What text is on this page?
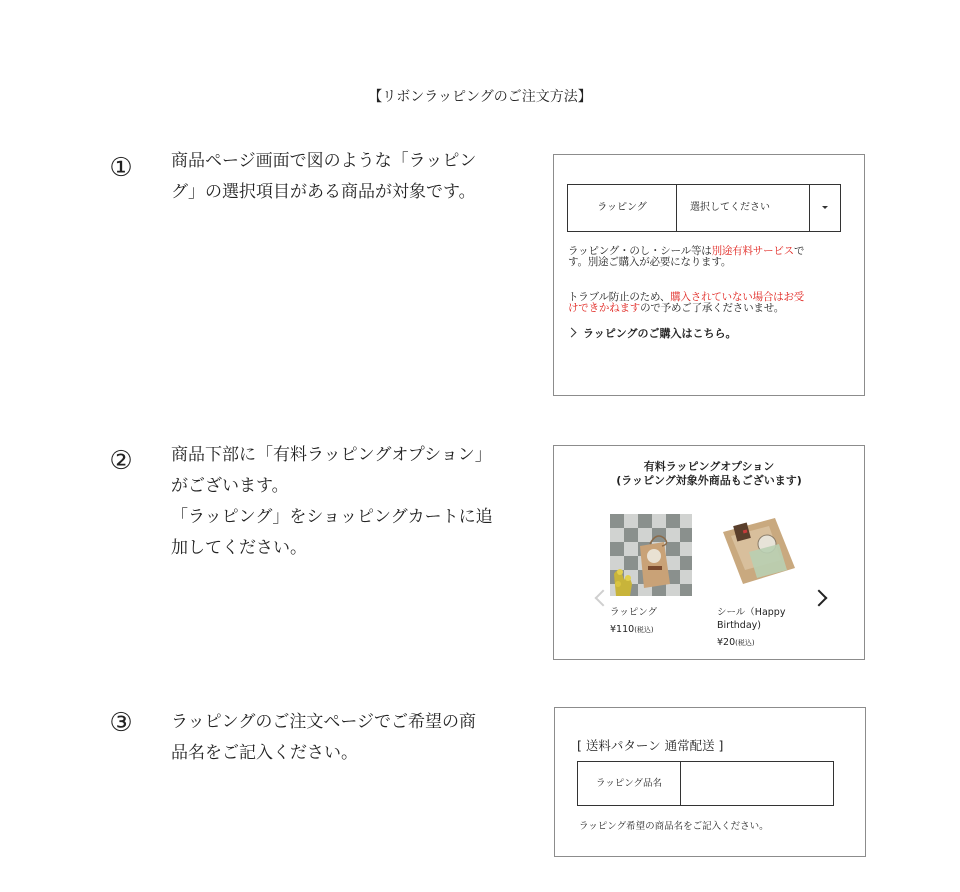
【リボンラッピングのご注文方法】
① 商品ページ画面で図のような「ラッピン
グ」の選択項目がある商品が対象です。
ラッピング	選択してください
ラッピング・のし・シール等は別途有料サービスで
す。別途ご購入が必要になります。
トラブル防止のため、購入されていない場合はお受
けできかねますので予めご了承くださいませ。
ラッピングのご購入はこちら。
② 商品下部に「有料ラッピングオプション」
がございます。
「ラッピング」をショッピングカートに追
加してください。
有料ラッピングオプション
(ラッピング対象外商品もございます)
ラッピング
¥110(税込)
シール（Happy
Birthday)
¥20(税込)
③ ラッピングのご注文ページでご希望の商
品名をご記入ください。	[ 送料パターン 通常配送 ]
ラッピング品名
ラッピング希望の商品名をご記入ください。
